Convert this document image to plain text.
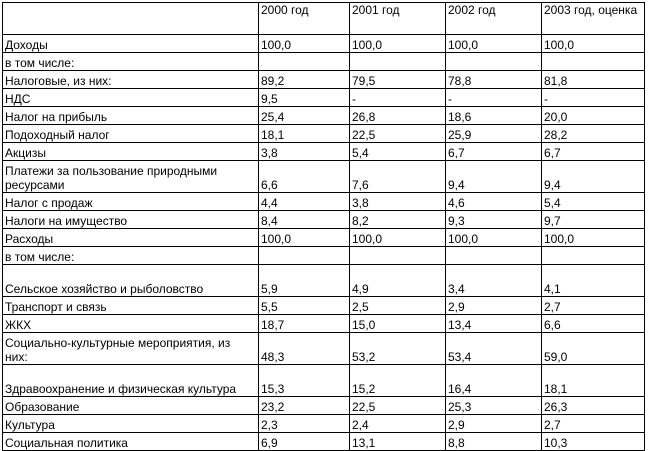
	2000 год	2001 год	2002 год	2003 год, оценка
Доходы	100,0	100,0	100,0	100,0
в том числе:				
Налоговые, из них:	89,2	79,5	78,8	81,8
НДС	9,5	-	-	-
Налог на прибыль	25,4	26,8	18,6	20,0
Подоходный налог	18,1	22,5	25,9	28,2
Акцизы	3,8	5,4	6,7	6,7
Платежи за пользование природными ресурсами	6,6	7,6	9,4	9,4
Налог с продаж	4,4	3,8	4,6	5,4
Налоги на имущество	8,4	8,2	9,3	9,7
Расходы	100,0	100,0	100,0	100,0
в том числе:				
Сельское хозяйство и рыболовство	5,9	4,9	3,4	4,1
Транспорт и связь	5,5	2,5	2,9	2,7
ЖКХ	18,7	15,0	13,4	6,6
Социально-культурные мероприятия, из них:	48,3	53,2	53,4	59,0
Здравоохранение и физическая культура	15,3	15,2	16,4	18,1
Образование	23,2	22,5	25,3	26,3
Культура	2,3	2,4	2,9	2,7
Социальная политика	6,9	13,1	8,8	10,3
